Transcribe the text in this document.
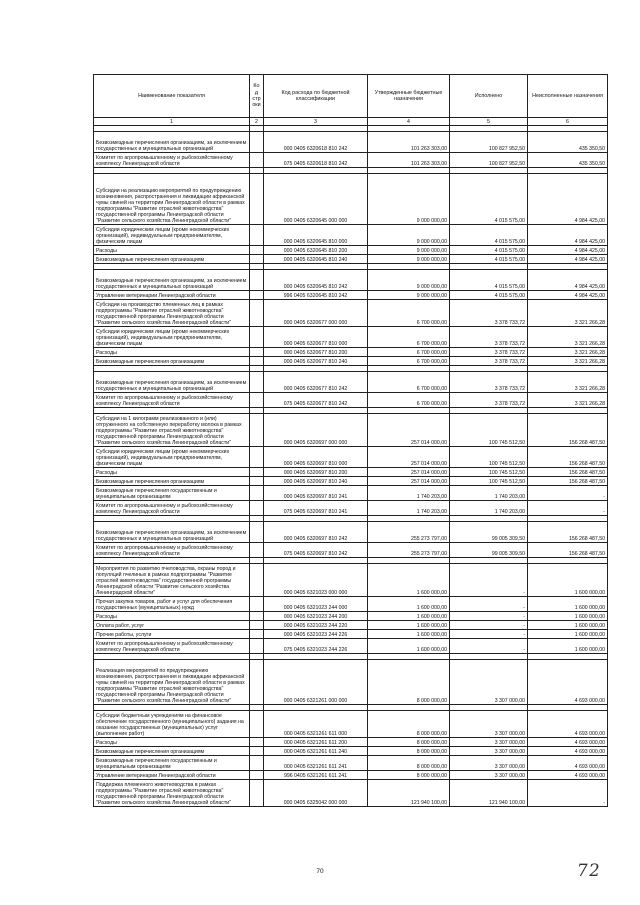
Наименование показателя	Код строки	Код расхода по бюджетной классификации	Утвержденные бюджетные назначения	Исполнено	Неисполненные назначения
1	2	3	4	5	6

Безвозмездные перечисления организациям, за исключением государственных и муниципальных организаций		000 0405 6320618 810 242	101 263 303,00	100 827 952,50	435 350,50
Комитет по агропромышленному и рыбохозяйственному комплексу Ленинградской области		075 0405 6320618 810 242	101 263 303,00	100 827 952,50	435 350,50

Субсидии на реализацию мероприятий по предупреждению возникновения, распространения и ликвидации африканской чумы свиней на территории Ленинградской области в рамках подпрограммы "Развитие отраслей животноводства" государственной программы Ленинградской области "Развитие сельского хозяйства Ленинградской области"		000 0405 6320645 000 000	9 000 000,00	4 015 575,00	4 984 425,00
Субсидии юридическим лицам (кроме некоммерческих организаций), индивидуальным предпринимателям, физическим лицам		000 0405 6320645 810 000	9 000 000,00	4 015 575,00	4 984 425,00
Расходы		000 0405 6320645 810 200	9 000 000,00	4 015 575,00	4 984 425,00
Безвозмездные перечисления организациям		000 0405 6320645 810 240	9 000 000,00	4 015 575,00	4 984 425,00

Безвозмездные перечисления организациям, за исключением государственных и муниципальных организаций		000 0405 6320645 810 242	9 000 000,00	4 015 575,00	4 984 425,00
Управление ветеринарии Ленинградской области		996 0405 6320645 810 242	9 000 000,00	4 015 575,00	4 984 425,00
Субсидии на производство племенных лиц в рамках подпрограммы "Развитие отраслей животноводства" государственной программы Ленинградской области "Развитие сельского хозяйства Ленинградской области"		000 0405 6320677 000 000	6 700 000,00	3 378 733,72	3 321 266,28
Субсидии юридическим лицам (кроме некоммерческих организаций), индивидуальным предпринимателям, физическим лицам		000 0405 6320677 810 000	6 700 000,00	3 378 733,72	3 321 266,28
Расходы		000 0405 6320677 810 200	6 700 000,00	3 378 733,72	3 321 266,28
Безвозмездные перечисления организациям		000 0405 6320677 810 240	6 700 000,00	3 378 733,72	3 321 266,28

Безвозмездные перечисления организациям, за исключением государственных и муниципальных организаций		000 0405 6320677 810 242	6 700 000,00	3 378 733,72	3 321 266,28
Комитет по агропромышленному и рыбохозяйственному комплексу Ленинградской области		075 0405 6320677 810 242	6 700 000,00	3 378 733,72	3 321 266,28

Субсидии на 1 килограмм реализованного и (или) отгруженного на собственную переработку молока в рамках подпрограммы "Развитие отраслей животноводства" государственной программы Ленинградской области "Развитие сельского хозяйства Ленинградской области"		000 0405 6320697 000 000	257 014 000,00	100 745 512,50	156 268 487,50
Субсидии юридическим лицам (кроме некоммерческих организаций), индивидуальным предпринимателям, физическим лицам		000 0405 6320697 810 000	257 014 000,00	100 745 512,50	156 268 487,50
Расходы		000 0405 6320697 810 200	257 014 000,00	100 745 512,50	156 268 487,50
Безвозмездные перечисления организациям		000 0405 6320697 810 240	257 014 000,00	100 745 512,50	156 268 487,50
Безвозмездные перечисления государственным и муниципальным организациям		000 0405 6320697 810 241	1 740 203,00	1 740 203,00	-
Комитет по агропромышленному и рыбохозяйственному комплексу Ленинградской области		075 0405 6320697 810 241	1 740 203,00	1 740 203,00	-

Безвозмездные перечисления организациям, за исключением государственных и муниципальных организаций		000 0405 6320697 810 242	255 273 797,00	99 005 309,50	156 268 487,50
Комитет по агропромышленному и рыбохозяйственному комплексу Ленинградской области		075 0405 6320697 810 242	255 273 797,00	99 005 309,50	156 268 487,50

Мероприятия по развитию пчеловодства, охраны пород и популяций пчелиных в рамках подпрограммы "Развитие отраслей животноводства" государственной программы Ленинградской области "Развитие сельского хозяйства Ленинградской области"		000 0405 6321023 000 000	1 600 000,00	-	1 600 000,00
Прочая закупка товаров, работ и услуг для обеспечения государственных (муниципальных) нужд		000 0405 6321023 244 000	1 600 000,00	-	1 600 000,00
Расходы		000 0405 6321023 244 200	1 600 000,00	-	1 600 000,00
Оплата работ, услуг		000 0405 6321023 244 220	1 600 000,00	-	1 600 000,00
Прочие работы, услуги		000 0405 6321023 244 226	1 600 000,00	-	1 600 000,00
Комитет по агропромышленному и рыбохозяйственному комплексу Ленинградской области		075 0405 6321023 244 226	1 600 000,00	-	1 600 000,00

Реализация мероприятий по предупреждению возникновения, распространения и ликвидации африканской чумы свиней на территории Ленинградской области в рамках подпрограммы "Развитие отраслей животноводства" государственной программы Ленинградской области "Развитие сельского хозяйства Ленинградской области"		000 0405 6321261 000 000	8 000 000,00	3 307 000,00	4 693 000,00

Субсидии бюджетным учреждениям на финансовое обеспечение государственного (муниципального) задания на оказание государственных (муниципальных) услуг (выполнение работ)		000 0405 6321261 611 000	8 000 000,00	3 307 000,00	4 693 000,00
Расходы		000 0405 6321261 611 200	8 000 000,00	3 307 000,00	4 693 000,00
Безвозмездные перечисления организациям		000 0405 6321261 611 240	8 000 000,00	3 307 000,00	4 693 000,00
Безвозмездные перечисления государственным и муниципальным организациям		000 0405 6321261 611 241	8 000 000,00	3 307 000,00	4 693 000,00
Управление ветеринарии Ленинградской области		996 0405 6321261 611 241	8 000 000,00	3 307 000,00	4 693 000,00
Поддержка племенного животноводства в рамках подпрограммы "Развитие отраслей животноводства" государственной программы Ленинградской области "Развитие сельского хозяйства Ленинградской области"		000 0405 6325042 000 000	121 940 100,00	121 940 100,00	-
70	72
